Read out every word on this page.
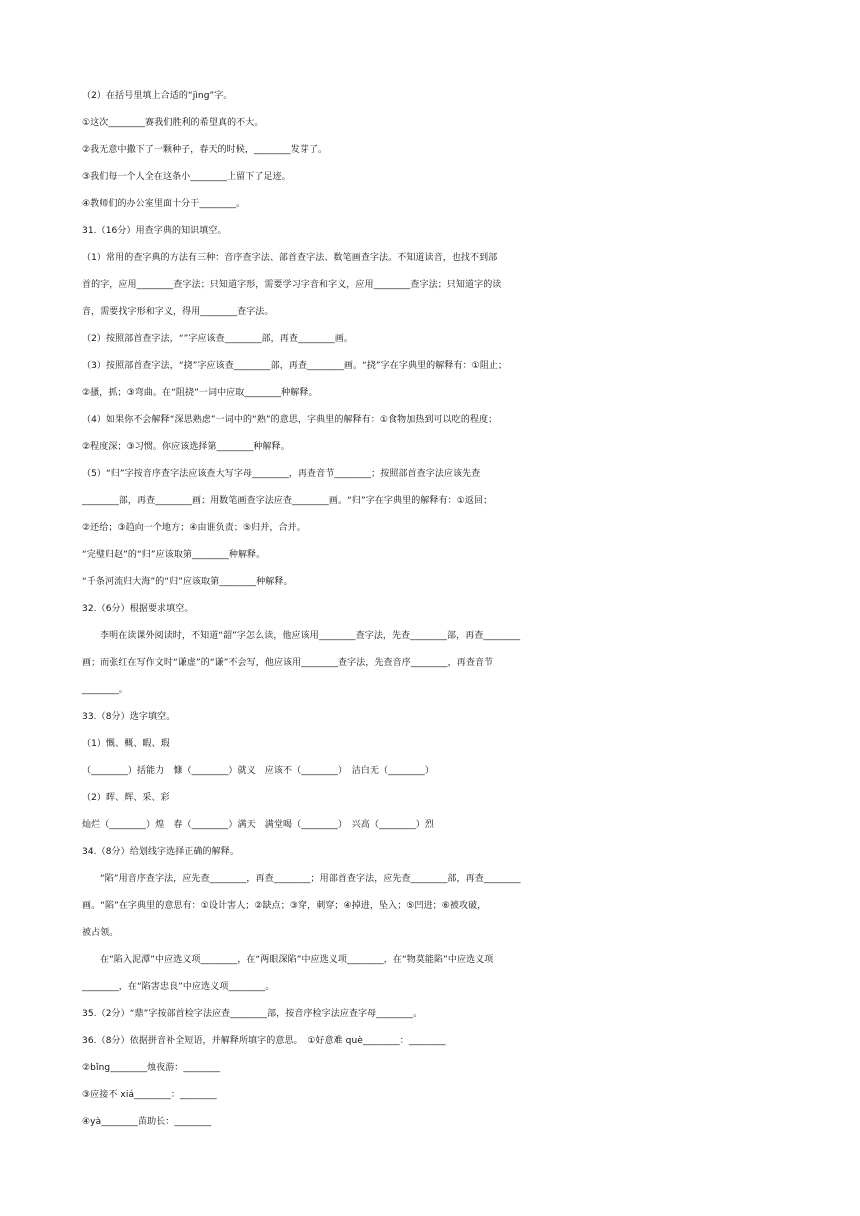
（2）在括号里填上合适的“jìng”字。
①这次________赛我们胜利的希望真的不大。
②我无意中撒下了一颗种子，春天的时候，________发芽了。
③我们每一个人全在这条小________上留下了足迹。
④教师们的办公室里面十分干________。
31.（16分）用查字典的知识填空。
（1）常用的查字典的方法有三种：音序查字法、部首查字法、数笔画查字法。不知道读音，也找不到部
首的字，应用________查字法；只知道字形，需要学习字音和字义，应用________查字法；只知道字的读
音，需要找字形和字义，得用________查字法。
（2）按照部首查字法，“”字应该查________部，再查________画。
（3）按照部首查字法，“挠”字应该查________部，再查________画。“挠”字在字典里的解释有：①阻止；
②搔，抓；③弯曲。在“阻挠”一词中应取________种解释。
（4）如果你不会解释“深思熟虑”一词中的“熟”的意思，字典里的解释有：①食物加热到可以吃的程度；
②程度深；③习惯。你应该选择第________种解释。
（5）“归”字按音序查字法应该查大写字母________，再查音节________；按照部首查字法应该先查
________部，再查________画；用数笔画查字法应查________画。“归”字在字典里的解释有：①返回；
②还给；③趋向一个地方；④由谁负责；⑤归并，合并。
“完璧归赵”的“归”应该取第________种解释。
“千条河流归大海”的“归”应该取第________种解释。
32.（6分）根据要求填空。
李明在读课外阅读时，不知道“韶”字怎么读，他应该用________查字法，先查________部，再查________
画；而张红在写作文时“谦虚”的“谦”不会写，他应该用________查字法，先查音序________，再查音节
________。
33.（8分）选字填空。
（1）慨、概、暇、瑕
（________）括能力　慷（________）就义　应该不（________）　洁白无（________）
（2）晖、辉、采、彩
灿烂（________）煌　春（________）满天　满堂喝（________）　兴高（________）烈
34.（8分）给划线字选择正确的解释。
“陷”用音序查字法，应先查________，再查________；用部首查字法，应先查________部，再查________
画。“陷”在字典里的意思有：①设计害人；②缺点；③穿，刺穿；④掉进，坠入；⑤凹进；⑥被攻破，
被占领。
在“陷入泥潭”中应选义项________，在“两眼深陷”中应选义项________，在“物莫能陷”中应选义项
________，在“陷害忠良”中应选义项________。
35.（2分）“鼎”字按部首检字法应查________部，按音序检字法应查字母________。
36.（8分）依据拼音补全短语，并解释所填字的意思。　①好意难 què________：________
②bǐng________烛夜游：________
③应接不 xiá________：________
④yà________苗助长：________
